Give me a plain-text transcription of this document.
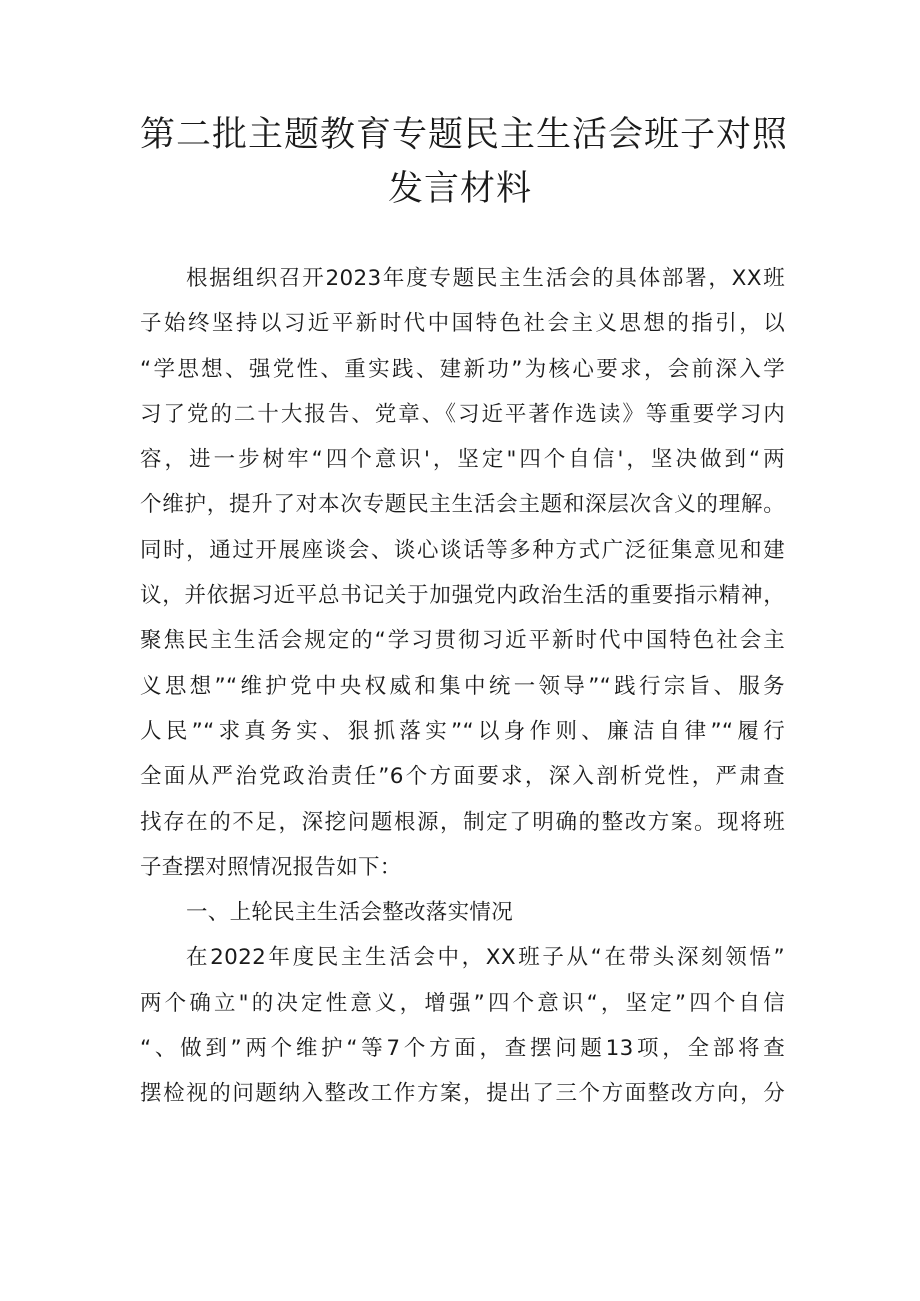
第二批主题教育专题民主生活会班子对照
发言材料
根据组织召开2023年度专题民主生活会的具体部署，XX班
子始终坚持以习近平新时代中国特色社会主义思想的指引，以
“学思想、强党性、重实践、建新功”为核心要求，会前深入学
习了党的二十大报告、党章、《习近平著作选读》等重要学习内
容，进一步树牢“四个意识'，坚定"四个自信'，坚决做到“两
个维护，提升了对本次专题民主生活会主题和深层次含义的理解。
同时，通过开展座谈会、谈心谈话等多种方式广泛征集意见和建
议，并依据习近平总书记关于加强党内政治生活的重要指示精神，
聚焦民主生活会规定的“学习贯彻习近平新时代中国特色社会主
义思想”“维护党中央权威和集中统一领导”“践行宗旨、服务
人民”“求真务实、狠抓落实”“以身作则、廉洁自律”“履行
全面从严治党政治责任”6个方面要求，深入剖析党性，严肃查
找存在的不足，深挖问题根源，制定了明确的整改方案。现将班
子查摆对照情况报告如下：
一、上轮民主生活会整改落实情况
在2022年度民主生活会中，XX班子从“在带头深刻领悟”
两个确立"的决定性意义，增强”四个意识“，坚定”四个自信
“、做到”两个维护“等7个方面，查摆问题13项，全部将查
摆检视的问题纳入整改工作方案，提出了三个方面整改方向，分
